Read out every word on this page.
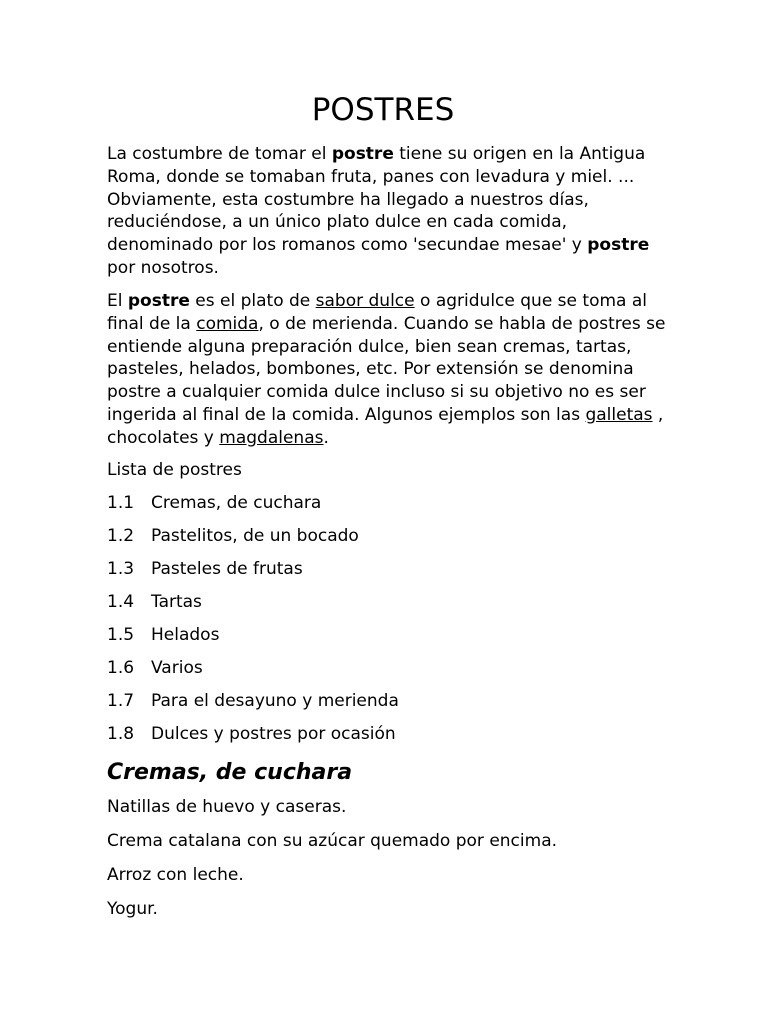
POSTRES

La costumbre de tomar el postre tiene su origen en la Antigua Roma, donde se tomaban fruta, panes con levadura y miel. ... Obviamente, esta costumbre ha llegado a nuestros días, reduciéndose, a un único plato dulce en cada comida, denominado por los romanos como 'secundae mesae' y postre por nosotros.

El postre es el plato de sabor dulce o agridulce que se toma al final de la comida, o de merienda. Cuando se habla de postres se entiende alguna preparación dulce, bien sean cremas, tartas, pasteles, helados, bombones, etc. Por extensión se denomina postre a cualquier comida dulce incluso si su objetivo no es ser ingerida al final de la comida. Algunos ejemplos son las galletas , chocolates y magdalenas.

Lista de postres

1.1 Cremas, de cuchara
1.2 Pastelitos, de un bocado
1.3 Pasteles de frutas
1.4 Tartas
1.5 Helados
1.6 Varios
1.7 Para el desayuno y merienda
1.8 Dulces y postres por ocasión
Cremas, de cuchara
Natillas de huevo y caseras.
Crema catalana con su azúcar quemado por encima.
Arroz con leche.
Yogur.
